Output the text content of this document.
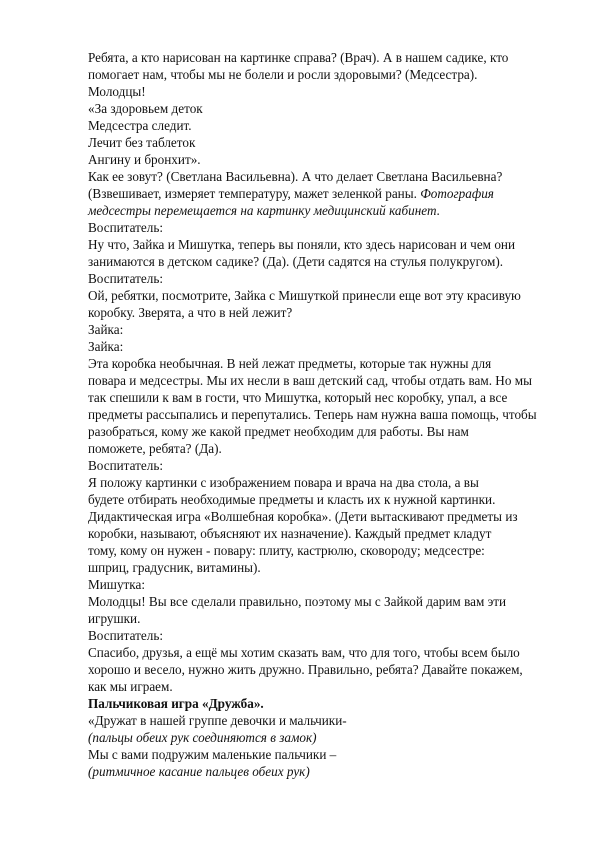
Ребята, а кто нарисован на картинке справа? (Врач). А в нашем садике, кто
помогает нам, чтобы мы не болели и росли здоровыми? (Медсестра).
Молодцы!
«За здоровьем деток
Медсестра следит.
Лечит без таблеток
Ангину и бронхит».
Как ее зовут? (Светлана Васильевна). А что делает Светлана Васильевна?
(Взвешивает, измеряет температуру, мажет зеленкой раны. Фотография
медсестры перемещается на картинку медицинский кабинет.
Воспитатель:
Ну что, Зайка и Мишутка, теперь вы поняли, кто здесь нарисован и чем они
занимаются в детском садике? (Да). (Дети садятся на стулья полукругом).
Воспитатель:
Ой, ребятки, посмотрите, Зайка с Мишуткой принесли еще вот эту красивую
коробку. Зверята, а что в ней лежит?
Зайка:
Зайка:
Эта коробка необычная. В ней лежат предметы, которые так нужны для
повара и медсестры. Мы их несли в ваш детский сад, чтобы отдать вам. Но мы
так спешили к вам в гости, что Мишутка, который нес коробку, упал, а все
предметы рассыпались и перепутались. Теперь нам нужна ваша помощь, чтобы
разобраться, кому же какой предмет необходим для работы. Вы нам
поможете, ребята? (Да).
Воспитатель:
Я положу картинки с изображением повара и врача на два стола, а вы
будете отбирать необходимые предметы и класть их к нужной картинки.
Дидактическая игра «Волшебная коробка». (Дети вытаскивают предметы из
коробки, называют, объясняют их назначение). Каждый предмет кладут
тому, кому он нужен - повару: плиту, кастрюлю, сковороду; медсестре:
шприц, градусник, витамины).
Мишутка:
Молодцы! Вы все сделали правильно, поэтому мы с Зайкой дарим вам эти
игрушки.
Воспитатель:
Спасибо, друзья, а ещё мы хотим сказать вам, что для того, чтобы всем было
хорошо и весело, нужно жить дружно. Правильно, ребята? Давайте покажем,
как мы играем.
Пальчиковая игра «Дружба».
«Дружат в нашей группе девочки и мальчики-
(пальцы обеих рук соединяются в замок)
Мы с вами подружим маленькие пальчики –
(ритмичное касание пальцев обеих рук)
